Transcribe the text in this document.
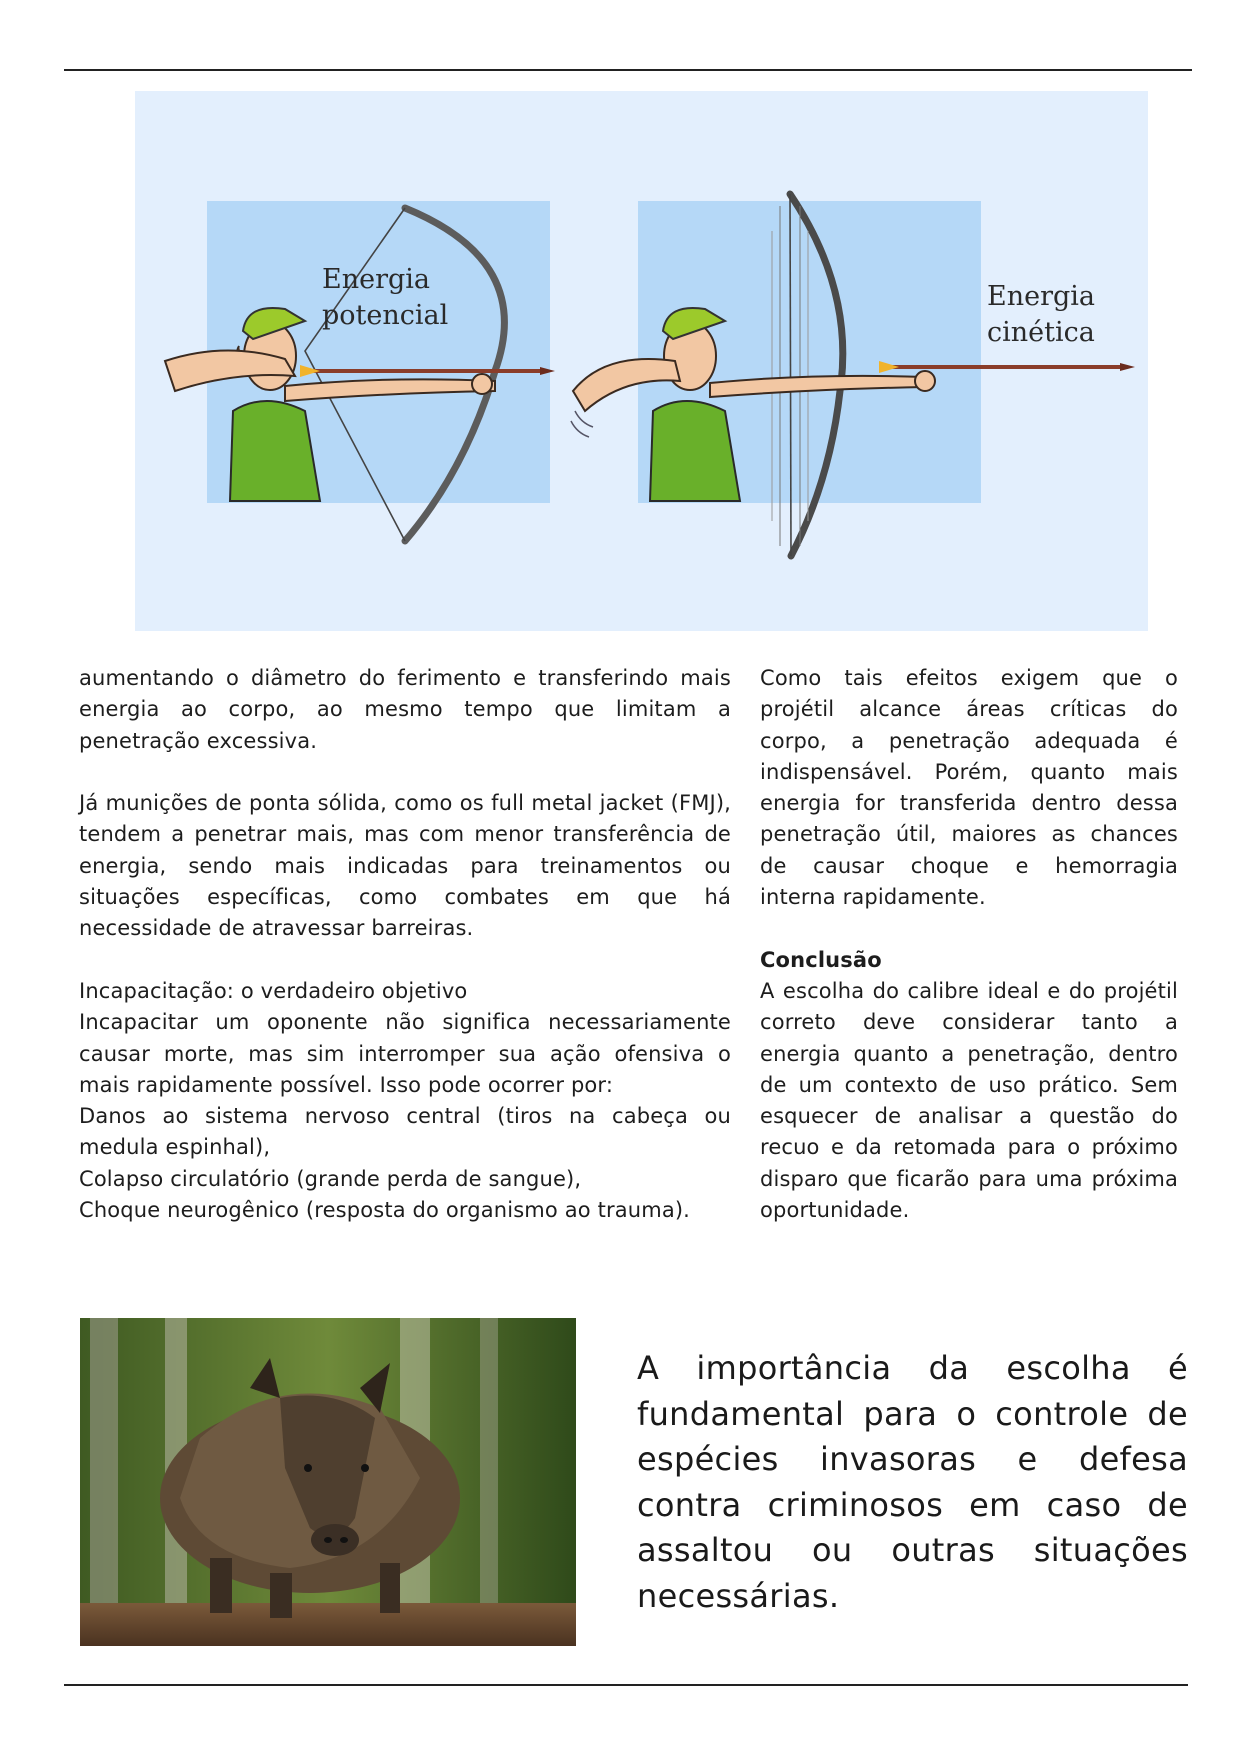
Energia
potencial
Energia
cinética

aumentando o diâmetro do ferimento e transferindo mais energia ao corpo, ao mesmo tempo que limitam a penetração excessiva.

Já munições de ponta sólida, como os full metal jacket (FMJ), tendem a penetrar mais, mas com menor transferência de energia, sendo mais indicadas para treinamentos ou situações específicas, como combates em que há necessidade de atravessar barreiras.

Incapacitação: o verdadeiro objetivo

Incapacitar um oponente não significa necessariamente causar morte, mas sim interromper sua ação ofensiva o mais rapidamente possível. Isso pode ocorrer por:

Danos ao sistema nervoso central (tiros na cabeça ou medula espinhal),

Colapso circulatório (grande perda de sangue),

Choque neurogênico (resposta do organismo ao trauma).

Como tais efeitos exigem que o projétil alcance áreas críticas do corpo, a penetração adequada é indispensável. Porém, quanto mais energia for transferida dentro dessa penetração útil, maiores as chances de causar choque e hemorragia interna rapidamente.

Conclusão

A escolha do calibre ideal e do projétil correto deve considerar tanto a energia quanto a penetração, dentro de um contexto de uso prático. Sem esquecer de analisar a questão do recuo e da retomada para o próximo disparo que ficarão para uma próxima oportunidade.

A importância da escolha é fundamental para o controle de espécies invasoras e defesa contra criminosos em caso de assaltou ou outras situações necessárias.
